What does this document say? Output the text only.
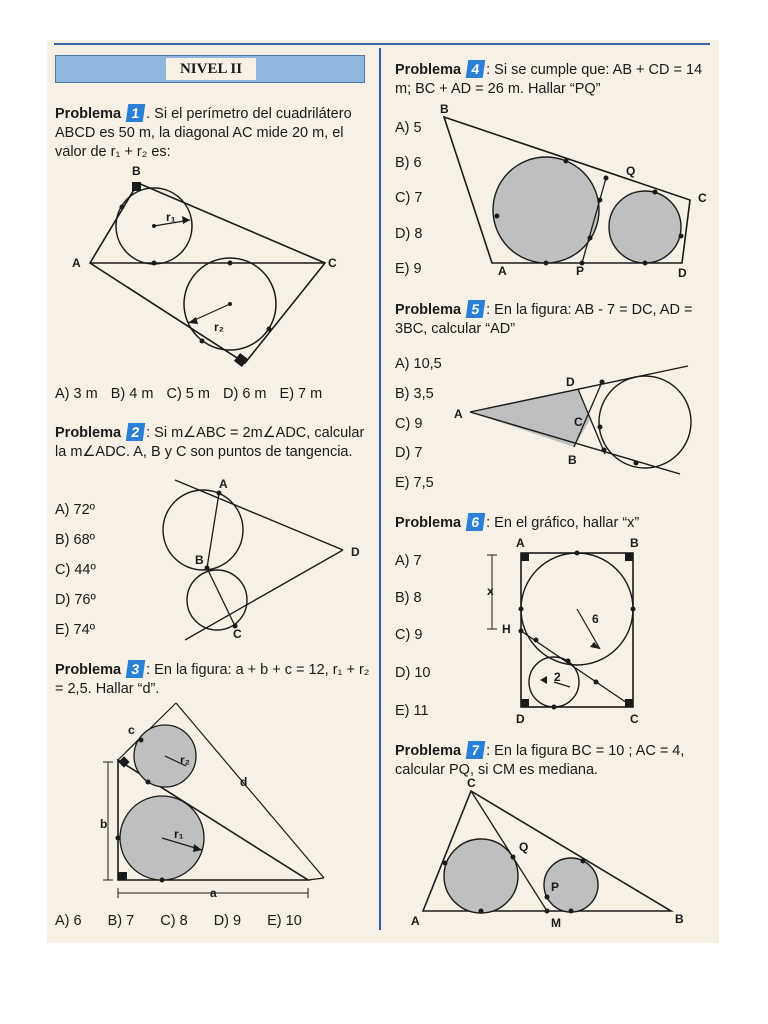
NIVEL II
Problema 1 . Si el perímetro del cuadrilátero ABCD es 50 m, la diagonal AC mide 20 m, el valor de r₁ + r₂ es:
A
B
C
r₁
r₂
A) 3 m B) 4 m C) 5 m D) 6 m E) 7 m
Problema 2 : Si m∠ABC = 2m∠ADC, calcular la m∠ADC. A, B y C son puntos de tangencia.
A) 72º
B) 68º
C) 44º
D) 76º
E) 74º
A
B
C
D
Problema 3 : En la figura: a + b + c = 12, r₁ + r₂ = 2,5. Hallar “d”.
c
b
a
d
r₂
r₁
A) 6 B) 7 C) 8 D) 9 E) 10
Problema 4 : Si se cumple que: AB + CD = 14 m; BC + AD = 26 m. Hallar “PQ”
A) 5
B) 6
C) 7
D) 8
E) 9
B
Q
C
A	P	D
Problema 5 : En la figura: AB - 7 = DC, AD = 3BC, calcular “AD”
A) 10,5
B) 3,5
C) 9
D) 7
E) 7,5
A
D
C
B
Problema 6 : En el gráfico, hallar “x”
A) 7
B) 8
C) 9
D) 10
E) 11
A	B
x
H
6
2
D	C
Problema 7 : En la figura BC = 10 ; AC = 4, calcular PQ, si CM es mediana.
C
Q
P
A	M	B
